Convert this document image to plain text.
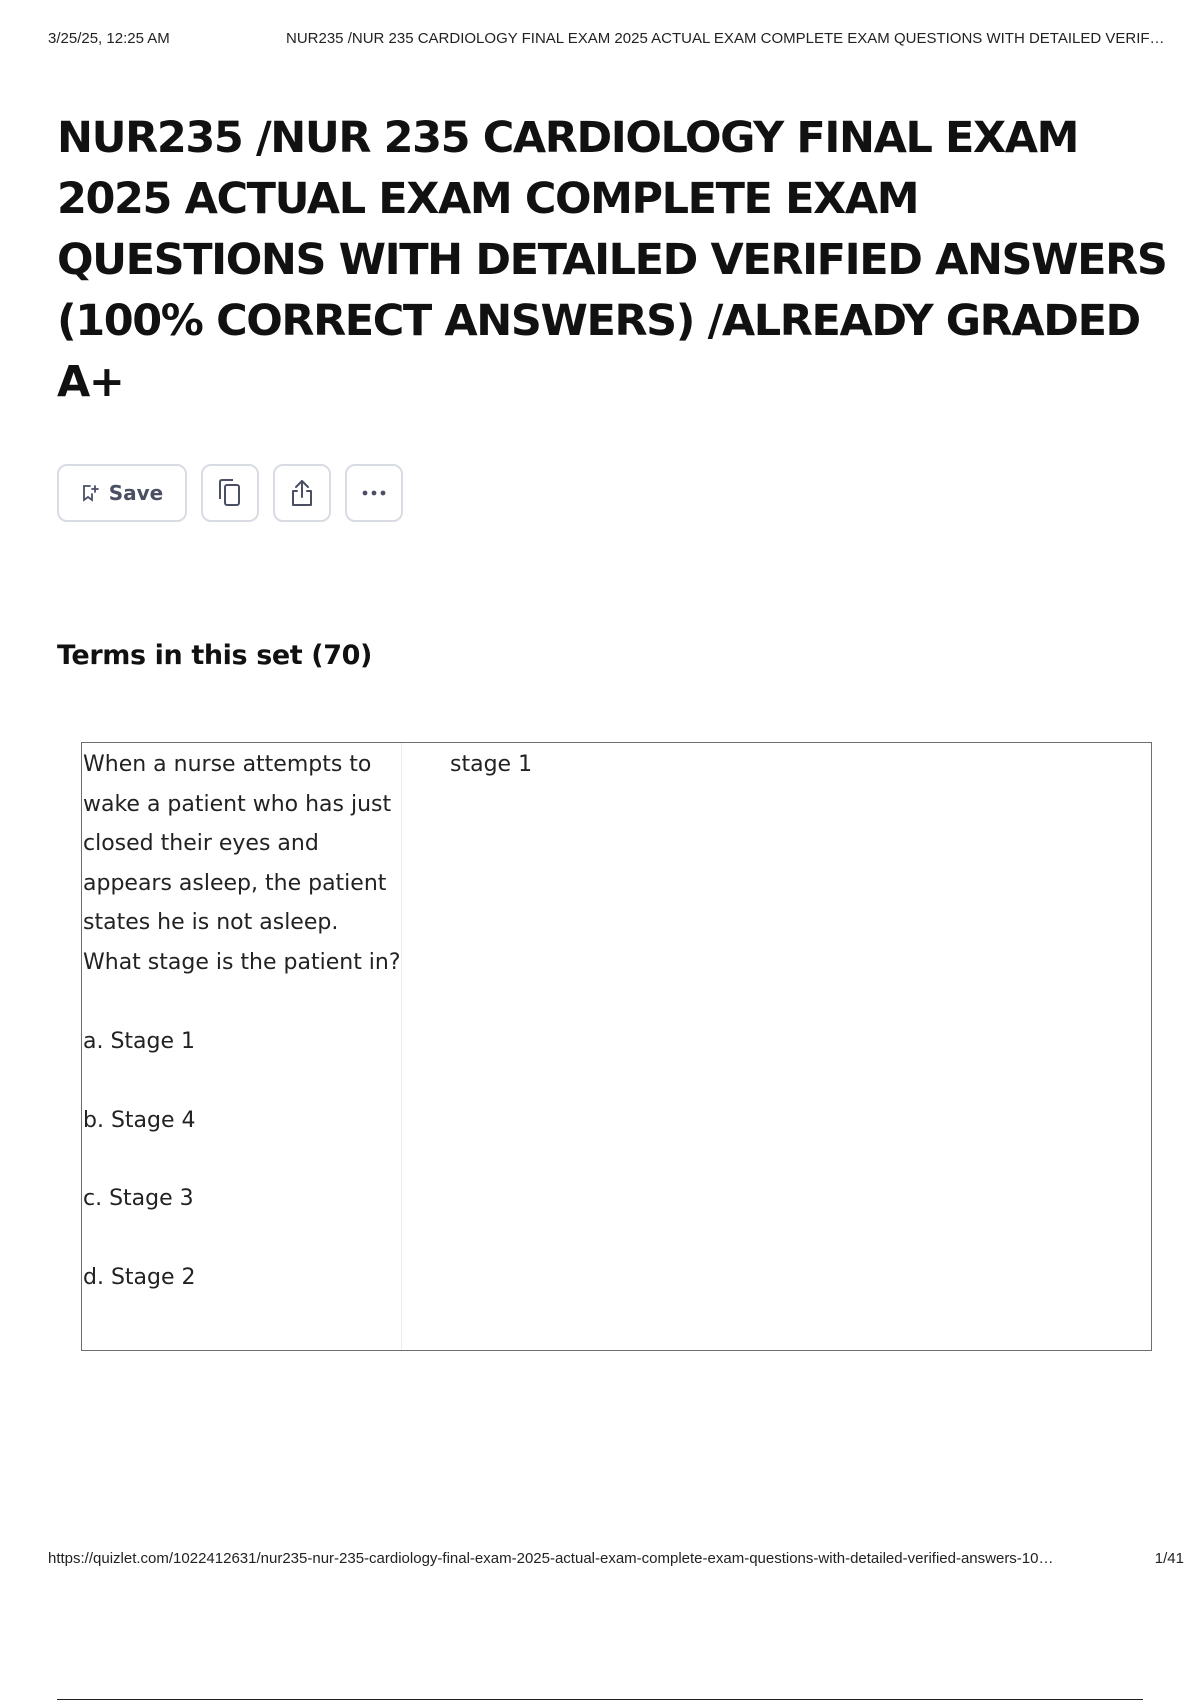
3/25/25, 12:25 AM	NUR235 /NUR 235 CARDIOLOGY FINAL EXAM 2025 ACTUAL EXAM COMPLETE EXAM QUESTIONS WITH DETAILED VERIF…
NUR235 /NUR 235 CARDIOLOGY FINAL EXAM 2025 ACTUAL EXAM COMPLETE EXAM QUESTIONS WITH DETAILED VERIFIED ANSWERS (100% CORRECT ANSWERS) /ALREADY GRADED A+
Save
Terms in this set (70)

When a nurse attempts to wake a patient who has just closed their eyes and appears asleep, the patient states he is not asleep. What stage is the patient in?

a. Stage 1

b. Stage 4

c. Stage 3

d. Stage 2

stage 1
https://quizlet.com/1022412631/nur235-nur-235-cardiology-final-exam-2025-actual-exam-complete-exam-questions-with-detailed-verified-answers-10…	1/41
